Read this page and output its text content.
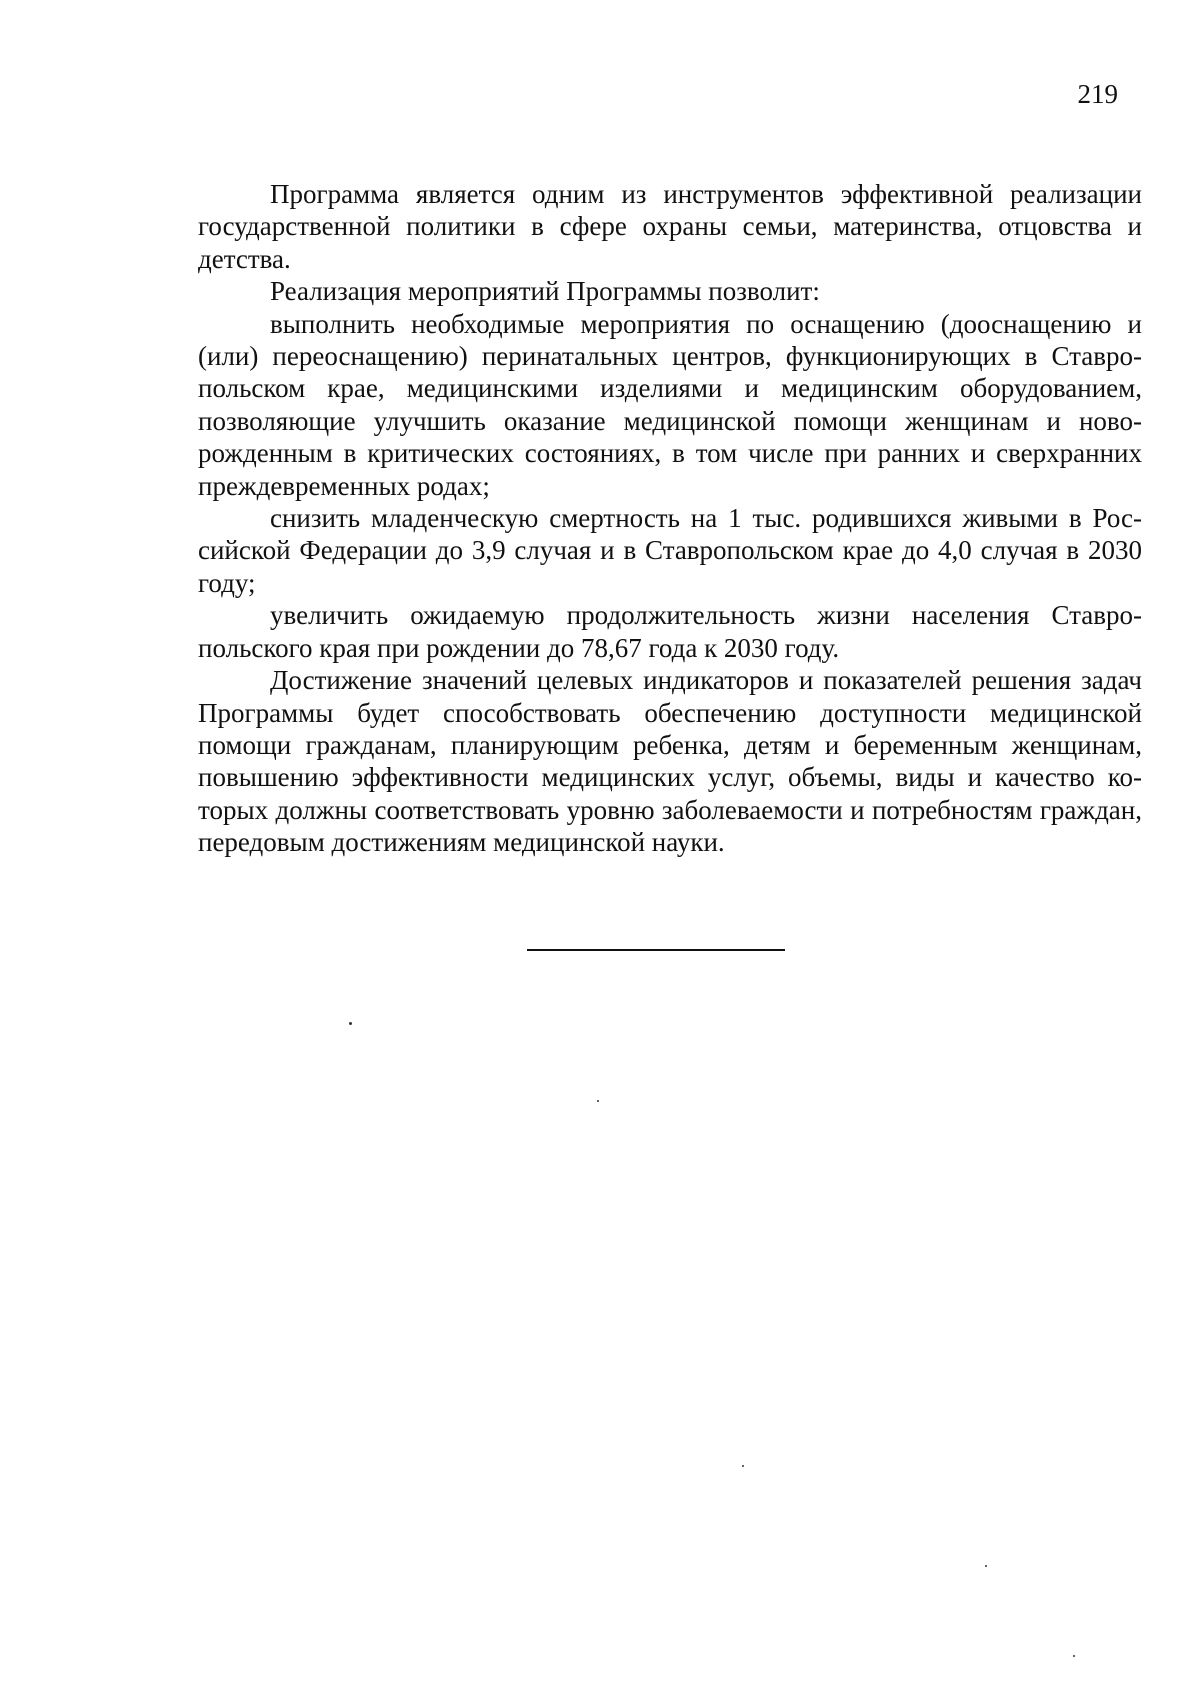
219

Программа является одним из инструментов эффективной реализации государственной политики в сфере охраны семьи, материнства, отцовства и детства.

Реализация мероприятий Программы позволит:

выполнить необходимые мероприятия по оснащению (дооснащению и (или) переоснащению) перинатальных центров, функционирующих в Ставропольском крае, медицинскими изделиями и медицинским оборудованием, позволяющие улучшить оказание медицинской помощи женщинам и новорожденным в критических состояниях, в том числе при ранних и сверхранних преждевременных родах;

снизить младенческую смертность на 1 тыс. родившихся живыми в Российской Федерации до 3,9 случая и в Ставропольском крае до 4,0 случая в 2030 году;

увеличить ожидаемую продолжительность жизни населения Ставропольского края при рождении до 78,67 года к 2030 году.

Достижение значений целевых индикаторов и показателей решения задач Программы будет способствовать обеспечению доступности медицинской помощи гражданам, планирующим ребенка, детям и беременным женщинам, повышению эффективности медицинских услуг, объемы, виды и качество которых должны соответствовать уровню заболеваемости и потребностям граждан, передовым достижениям медицинской науки.
